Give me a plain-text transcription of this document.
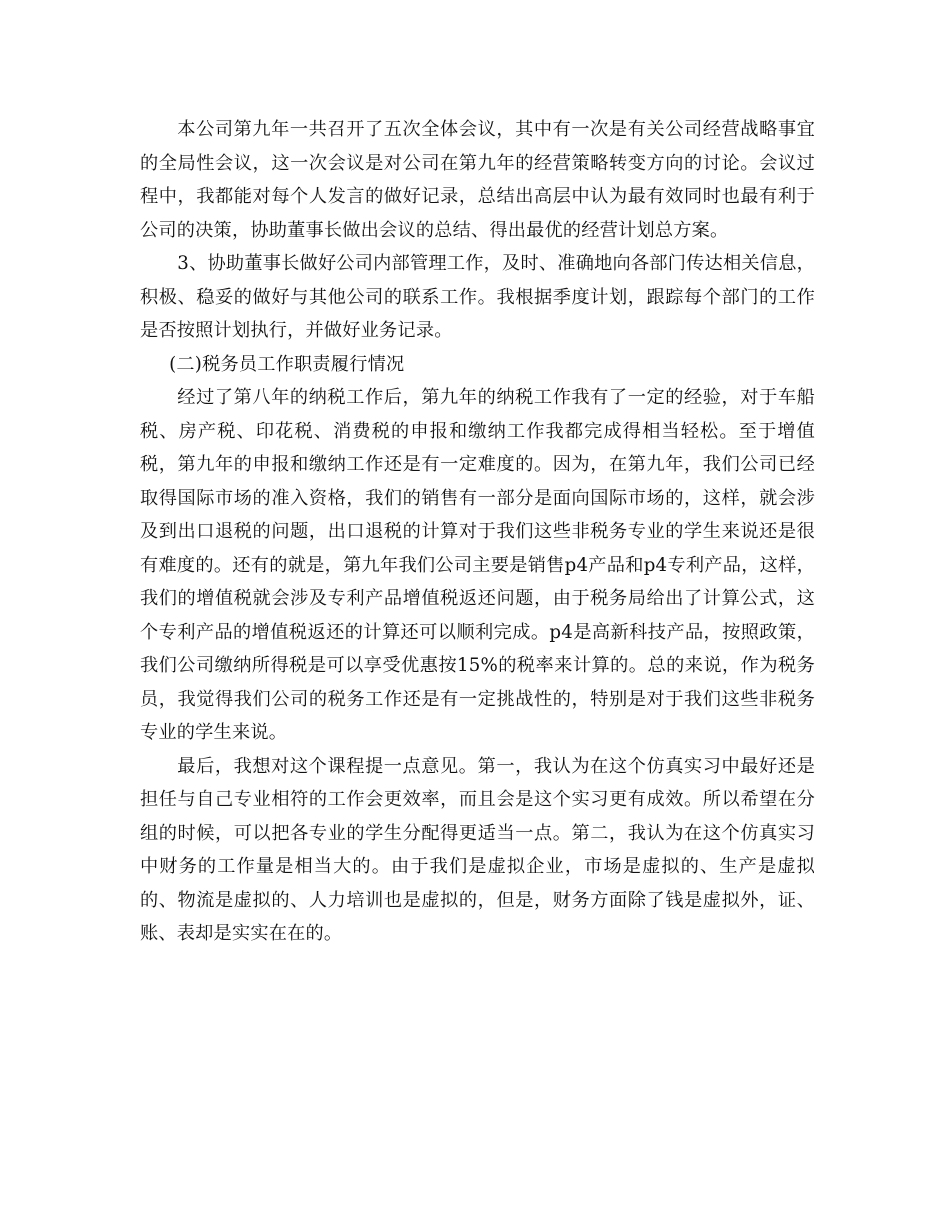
本公司第九年一共召开了五次全体会议，其中有一次是有关公司经营战略事宜的全局性会议，这一次会议是对公司在第九年的经营策略转变方向的讨论。会议过程中，我都能对每个人发言的做好记录，总结出高层中认为最有效同时也最有利于公司的决策，协助董事长做出会议的总结、得出最优的经营计划总方案。

3、协助董事长做好公司内部管理工作，及时、准确地向各部门传达相关信息，积极、稳妥的做好与其他公司的联系工作。我根据季度计划，跟踪每个部门的工作是否按照计划执行，并做好业务记录。

(二)税务员工作职责履行情况

经过了第八年的纳税工作后，第九年的纳税工作我有了一定的经验，对于车船税、房产税、印花税、消费税的申报和缴纳工作我都完成得相当轻松。至于增值税，第九年的申报和缴纳工作还是有一定难度的。因为，在第九年，我们公司已经取得国际市场的准入资格，我们的销售有一部分是面向国际市场的，这样，就会涉及到出口退税的问题，出口退税的计算对于我们这些非税务专业的学生来说还是很有难度的。还有的就是，第九年我们公司主要是销售p4产品和p4专利产品，这样，我们的增值税就会涉及专利产品增值税返还问题，由于税务局给出了计算公式，这个专利产品的增值税返还的计算还可以顺利完成。p4是高新科技产品，按照政策，我们公司缴纳所得税是可以享受优惠按15%的税率来计算的。总的来说，作为税务员，我觉得我们公司的税务工作还是有一定挑战性的，特别是对于我们这些非税务专业的学生来说。

最后，我想对这个课程提一点意见。第一，我认为在这个仿真实习中最好还是担任与自己专业相符的工作会更效率，而且会是这个实习更有成效。所以希望在分组的时候，可以把各专业的学生分配得更适当一点。第二，我认为在这个仿真实习中财务的工作量是相当大的。由于我们是虚拟企业，市场是虚拟的、生产是虚拟的、物流是虚拟的、人力培训也是虚拟的，但是，财务方面除了钱是虚拟外，证、账、表却是实实在在的。
